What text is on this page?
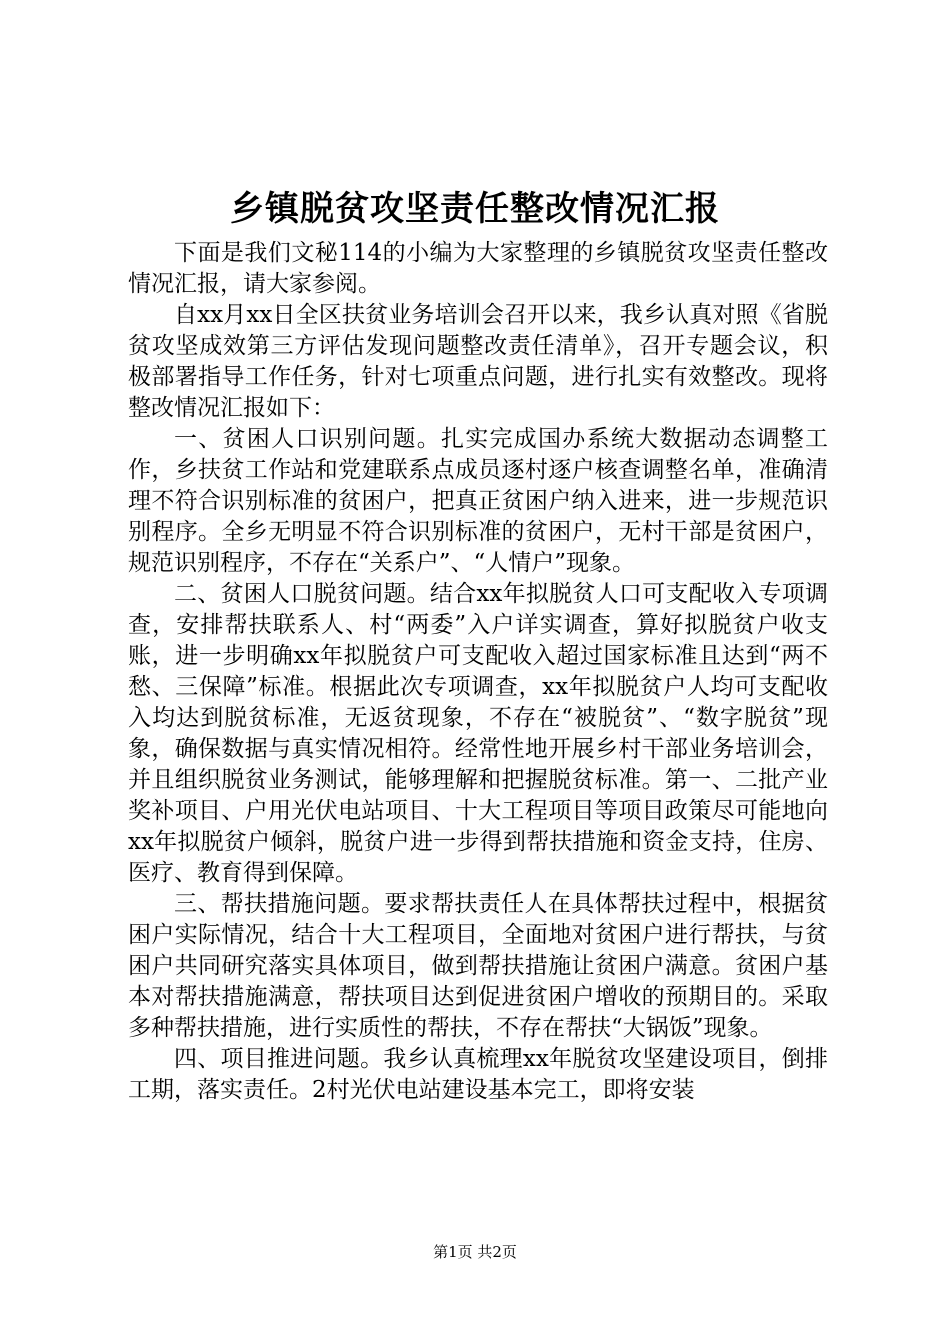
乡镇脱贫攻坚责任整改情况汇报

下面是我们文秘114的小编为大家整理的乡镇脱贫攻坚责任整改情况汇报，请大家参阅。

自xx月xx日全区扶贫业务培训会召开以来，我乡认真对照《省脱贫攻坚成效第三方评估发现问题整改责任清单》，召开专题会议，积极部署指导工作任务，针对七项重点问题，进行扎实有效整改。现将整改情况汇报如下：

一、贫困人口识别问题。扎实完成国办系统大数据动态调整工作，乡扶贫工作站和党建联系点成员逐村逐户核查调整名单，准确清理不符合识别标准的贫困户，把真正贫困户纳入进来，进一步规范识别程序。全乡无明显不符合识别标准的贫困户，无村干部是贫困户，规范识别程序，不存在“关系户”、“人情户”现象。

二、贫困人口脱贫问题。结合xx年拟脱贫人口可支配收入专项调查，安排帮扶联系人、村“两委”入户详实调查，算好拟脱贫户收支账，进一步明确xx年拟脱贫户可支配收入超过国家标准且达到“两不愁、三保障”标准。根据此次专项调查，xx年拟脱贫户人均可支配收入均达到脱贫标准，无返贫现象，不存在“被脱贫”、“数字脱贫”现象，确保数据与真实情况相符。经常性地开展乡村干部业务培训会，并且组织脱贫业务测试，能够理解和把握脱贫标准。第一、二批产业奖补项目、户用光伏电站项目、十大工程项目等项目政策尽可能地向xx年拟脱贫户倾斜，脱贫户进一步得到帮扶措施和资金支持，住房、医疗、教育得到保障。

三、帮扶措施问题。要求帮扶责任人在具体帮扶过程中，根据贫困户实际情况，结合十大工程项目，全面地对贫困户进行帮扶，与贫困户共同研究落实具体项目，做到帮扶措施让贫困户满意。贫困户基本对帮扶措施满意，帮扶项目达到促进贫困户增收的预期目的。采取多种帮扶措施，进行实质性的帮扶，不存在帮扶“大锅饭”现象。

四、项目推进问题。我乡认真梳理xx年脱贫攻坚建设项目，倒排工期，落实责任。2村光伏电站建设基本完工，即将安装

第1页 共2页
